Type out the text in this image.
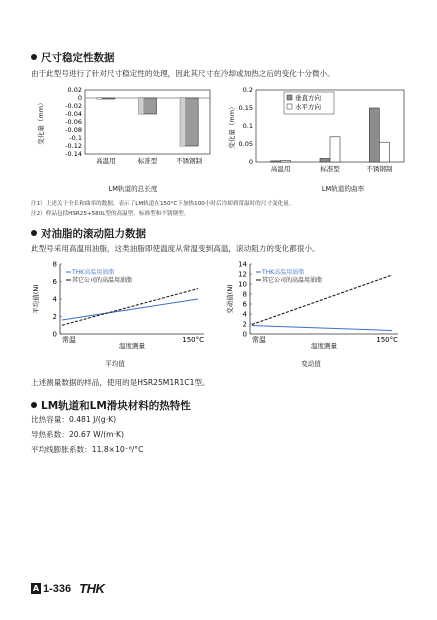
尺寸稳定性数据
由于此型号进行了针对尺寸稳定性的处理，因此其尺寸在冷却或加热之后的变化十分微小。
变化量（mm）
0.02
0
-0.02
-0.04
-0.06
-0.08
-0.1
-0.12
-0.14
高温用	标准型	不锈钢制
LM轨道的总长度
变化量（mm）
0.2
0.15
0.1
0.05
0
高温用	标准型	不锈钢制
垂直方向
水平方向
LM轨道的曲率
注1）上述关于全长和曲率的数据，表示了LM轨道在150°C下加热100小时后冷却到常温时的尺寸变化量。
注2）样品包括HSR25+580L型的高温型、标准型和不锈钢型。
对油脂的滚动阻力数据
此型号采用高温用油脂，这类油脂即使温度从常温变到高温，滚动阻力的变化都很小。
平均值(N)
8
6
4
2
0
THK高温用油脂
其它公司的高温用油脂
常温	150°C
温度测量
平均值
变动值(N)
14
12
10
8
6
4
2
0
THK高温用油脂
其它公司的高温用油脂
常温	150°C
温度测量
变动值
上述测量数据的样品，使用的是HSR25M1R1C1型。
LM轨道和LM滑块材料的热特性
比热容量：0.481 J/(g·K)
导热系数：20.67 W/(m·K)
平均线膨胀系数：11.8×10⁻⁶/°C
A 1-336 THK
